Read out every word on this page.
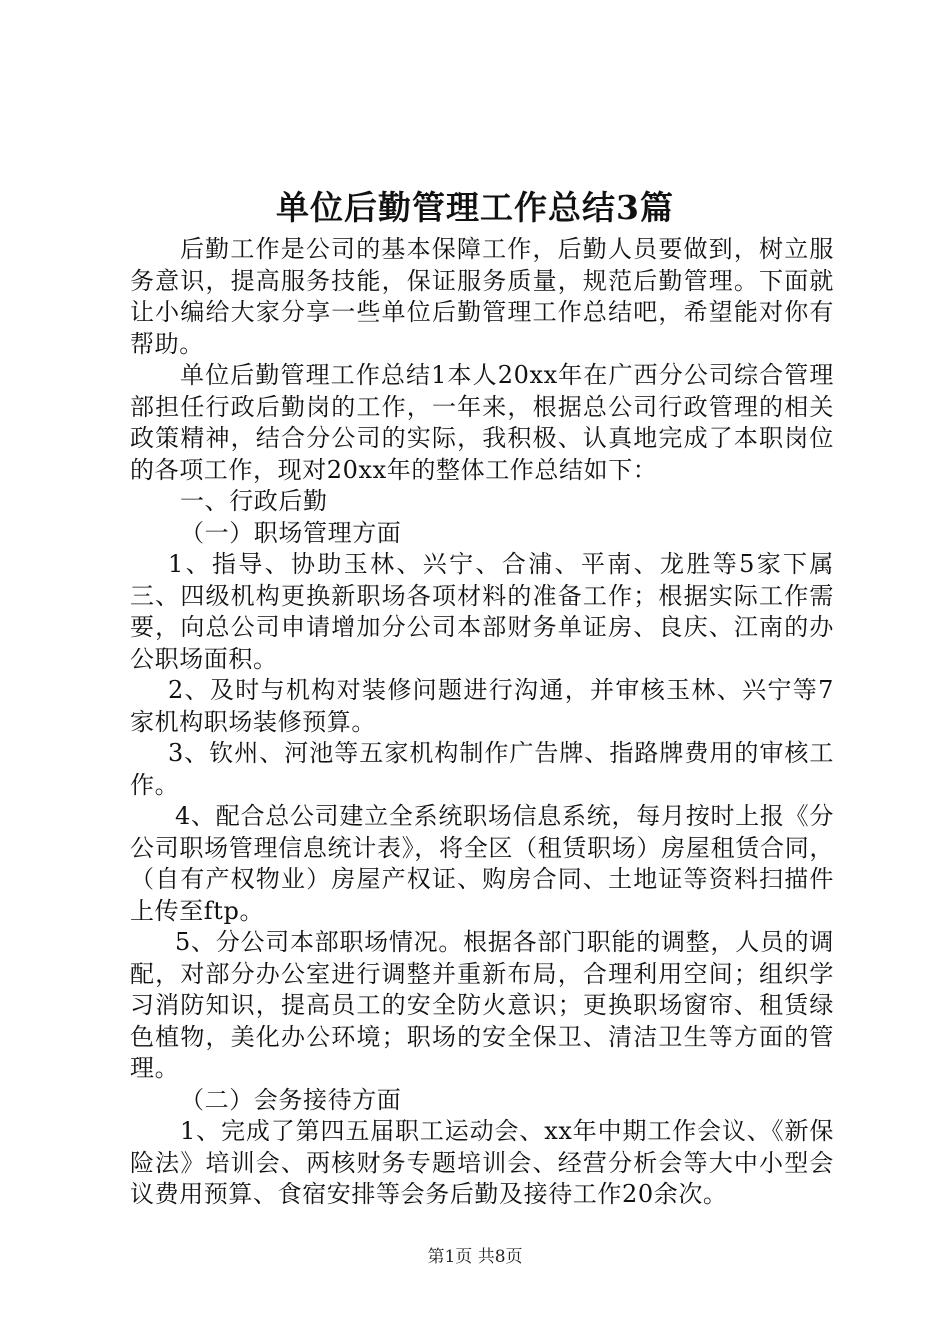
单位后勤管理工作总结3篇

后勤工作是公司的基本保障工作，后勤人员要做到，树立服务意识，提高服务技能，保证服务质量，规范后勤管理。下面就让小编给大家分享一些单位后勤管理工作总结吧，希望能对你有帮助。

单位后勤管理工作总结1本人20xx年在广西分公司综合管理部担任行政后勤岗的工作，一年来，根据总公司行政管理的相关政策精神，结合分公司的实际，我积极、认真地完成了本职岗位的各项工作，现对20xx年的整体工作总结如下：

一、行政后勤

（一）职场管理方面

1、指导、协助玉林、兴宁、合浦、平南、龙胜等5家下属三、四级机构更换新职场各项材料的准备工作；根据实际工作需要，向总公司申请增加分公司本部财务单证房、良庆、江南的办公职场面积。

2、及时与机构对装修问题进行沟通，并审核玉林、兴宁等7家机构职场装修预算。

3、钦州、河池等五家机构制作广告牌、指路牌费用的审核工作。

4、配合总公司建立全系统职场信息系统，每月按时上报《分公司职场管理信息统计表》，将全区（租赁职场）房屋租赁合同，（自有产权物业）房屋产权证、购房合同、土地证等资料扫描件上传至ftp。

5、分公司本部职场情况。根据各部门职能的调整，人员的调配，对部分办公室进行调整并重新布局，合理利用空间；组织学习消防知识，提高员工的安全防火意识；更换职场窗帘、租赁绿色植物，美化办公环境；职场的安全保卫、清洁卫生等方面的管理。

（二）会务接待方面

1、完成了第四五届职工运动会、xx年中期工作会议、《新保险法》培训会、两核财务专题培训会、经营分析会等大中小型会议费用预算、食宿安排等会务后勤及接待工作20余次。

第1页 共8页
